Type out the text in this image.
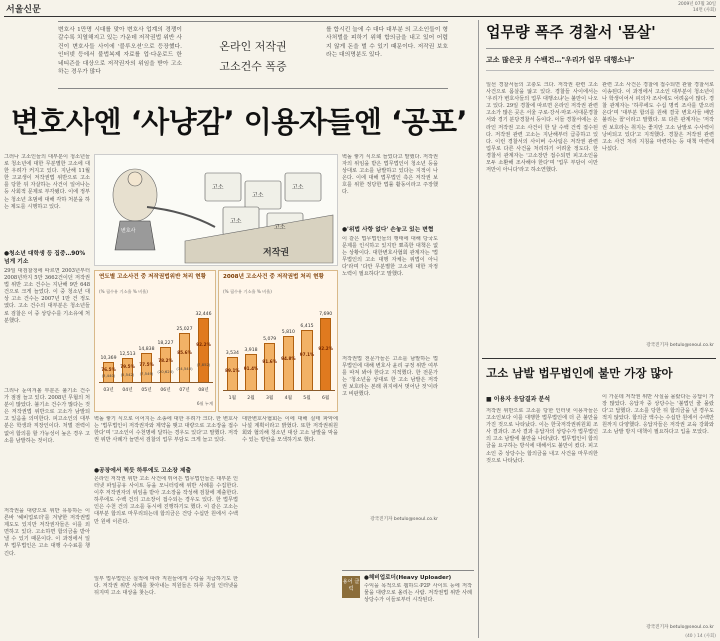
서울신문
2009년 07월 30일
14면 (사회)
변호사 1만명 시대를 맞아 변호사 업계의 경쟁이 갈수록 치열해지고 있는 가운데 저작권법 위반 사건이 변호사들 사이에 '블루오션'으로 등장했다. 인터넷 등에서 불법복제 자료를 업·다운로드 한 네티즌을 대상으로 저작권자의 위임을 받아 고소하는 경우가 많다
온라인 저작권
고소건수 폭증
를 합시킨 늘에 수 대다 대부분 의 고소인들이 형사처벌을 피하기 위해 합의금을 내고 있어 어렵지 않게 돈을 벌 수 있기 때문이다. 저작권 보호라는 대의명분도 있다.
변호사엔 ‘사냥감’ 이용자들엔 ‘공포’
그러나 고소인들의 대부분이 청소년들로 청소년에 대한 무분별한 고소에 대한 우려가 커지고 있다. 지난해 11월 한 고교생이 저작권법 위반으로 고소를 당한 뒤 자살하는 사건이 일어나는 등 사회적 문제로 부각됐다. 이에 정부는 청소년 초범에 대해 각하 처분을 하는 제도를 시행하고 있다.
●청소년 대학생 등 집중…90%넘게 기소
29일 대검찰청에 따르면 2003년부터 2008년까지 5만 3662건이던 저작권법 위반 고소 건수는 지난해 9만 648건으로 크게 늘었다. 이 중 청소년 대상 고소 건수는 2007년 1만 건 정도였다. 고소 건수의 대부분은 청소년들로 검찰은 이 중 상당수를 기소유예 처분했다.
그리나 눈여겨볼 부분은 불기소 건수가 점점 늘고 있다. 2008년 무혐의 처분이 많았다. 불기소 건수가 많다는 것은 저작권법 위반으로 고소가 남발되고 있음을 의미한다. 피고소인의 대부분은 학생과 직장인이다. 처벌 전력이 없어 합의를 할 가능성이 높은 경우 고소를 남발하는 것이다.
저작권을 대량으로 위반 유통하는 이른바 '헤비업로더'를 겨냥한 저작권법 제도도 있지만 저작권자들은 이를 외면하고 있다. 고소하면 합의금을 받아낼 수 있기 때문이다. 이 과정에서 일부 법무법인은 고소 대행 수수료를 챙긴다.
고소
고소
고소
고소
고소
저작권
변호사
연도별 고소사건 중 저작권법위반 처리 현황
(% 필수유 기소율 % 비율)
10,369
76.5%
(3,440)
03년
12,513
79.5%
(5,542)
04년
14,838
77.5%
(7,549)
05년
18,227
78.2%
(20,620)
06년
25,027
85.6%
(34,540)
07년
32,446
92.2%
(7,852)
08년
6월 누계
2008년 고소사건 중 저작권법 처리 현황
(% 필수유 기소율 % 비율)
3,534
89.1%
1월
3,918
91.4%
2월
5,079
91.6%
3월
5,810
94.8%
4월
6,415
97.1%
5월
7,690
92.2%
6월
벽돌 쌓기 식으로 이어지는 소송에 대한 우려가 크다. 한 변호사는 '법무법인이 저작권자와 계약을 맺고 대량으로 고소장을 접수한다'며 '고소인이 수천명에 달하는 경우도 있다'고 말했다. 저작권 위반 사례가 늘면서 검찰의 업무 부담도 크게 늘고 있다.
●공장에서 찍듯 하루에도 고소장 제출
온라인 저작권 위반 고소 사건에 뛰어든 법무법인들은 대부분 인터넷 파일공유 사이트 등을 모니터링해 위반 사례를 수집한다. 이후 저작권자의 위임을 받아 고소장을 작성해 검찰에 제출한다. 하루에도 수백 건의 고소장이 접수되는 경우도 있다. 한 법무법인은 수천 건의 고소를 동시에 진행하기도 했다. 이 같은 고소는 대부분 합의로 마무리되는데 합의금은 건당 수십만 원에서 수백만 원에 이른다.
일부 법무법인은 실적에 따라 직원들에게 수당을 지급하기도 한다. 저작권 위반 사례를 찾아내는 직원들은 하루 종일 인터넷을 뒤지며 고소 대상을 찾는다.
대한변호사협회는 이에 대해 실태 파악에 나설 계획이라고 밝혔다. 또한 저작권위원회와 협의해 청소년 대상 고소 남발을 막을 수 있는 방안을 모색하기로 했다.
벽돌 쌓기 식으로 늘었다고 말했다. 저작권자의 위임을 받은 법무법인이 청소년 등을 상대로 고소를 남발하고 있다는 지적이 나온다. 이에 대해 법무법인 측은 저작권 보호를 위한 정당한 법률 활동이라고 주장했다.
●'위법 사항 없다' 손놓고 있는 변협
이 같은 법무법인들의 행태에 대해 당국도 문제를 인식하고 있지만 뾰족한 대책은 없는 상황이다. 대한변호사협회 관계자는 '법무법인의 고소 대행 자체는 위법이 아니다'라며 '다만 무분별한 고소에 대한 자정 노력이 필요하다'고 말했다.
저작권법 전문가들은 고소를 남발하는 법무법인에 대해 변호사 윤리 규정 위반 여부를 따져 봐야 한다고 지적했다. 한 전문가는 '청소년을 상대로 한 고소 남발은 저작권 보호라는 본래 취지에서 벗어난 것'이라고 비판했다.
강국진기자 betulo@seoul.co.kr
용어 클릭
●헤비업로더(Heavy Uploader)
수익을 목적으로 웹하드·P2P 사이트 등에 저작물을 대량으로 올리는 사람. 저작권법 위반 사례 상당수가 이들로부터 시작된다.
업무량 폭주 경찰서 '몸살'
고소 많은곳 月 수백건…"우리가 업무 대행소냐"
일선 경찰서들의 고충도 크다. 저작권 관련 고소 사건으로 몸살을 앓고 있다. 경찰들 사이에서는 '우리가 변호사들의 업무 대행소냐'는 불만이 나오고 있다. 29일 경찰에 따르면 온라인 저작권 관련 고소가 많은 곳은 서울 구로·강서·마포·서대문경찰서와 경기 분당경찰서 등이다. 이들 경찰서에는 온라인 저작권 고소 사건이 한 달 수백 건씩 접수된다. 저작권 관련 고소는 지난해부터 급증하고 있다. 이런 경찰서의 사이버 수사팀은 저작권 관련 업무로 다른 사건을 처리하기 어려울 정도다. 한 경찰서 관계자는 '고소장만 접수되면 피고소인을 모두 소환해 조사해야 한다'며 '업무 부담이 이만저만이 아니다'라고 하소연했다.
관련 고소 사건은 경찰에 접수되면 관할 경찰서로 이송된다. 이 과정에서 고소인 대부분이 청소년이나 학생이어서 피의자 조사에도 어려움이 많다. 경찰 관계자는 '하루에도 수십 명씩 조사를 받으러 온다'며 '대부분 합의를 원해 결국 변호사들 배만 불리는 꼴'이라고 말했다. 또 다른 관계자는 '저작권 보호라는 취지는 좋지만 고소 남발로 수사력이 낭비되고 있다'고 지적했다. 경찰은 저작권 관련 고소 사건 처리 지침을 마련하는 등 대책 마련에 나섰다.
강국진기자 betulo@seoul.co.kr
고소 남발 법무법인에 불만 가장 많아
■ 이용자 응답결과 분석
저작권 위반으로 고소를 당한 인터넷 이용자들은 고소인보다 이를 대행한 법무법인에 더 큰 불만을 가진 것으로 나타났다. 이는 한국저작권위원회 조사 결과다. 조사 결과 응답자의 상당수가 법무법인의 고소 남발에 불만을 나타냈다. 법무법인이 합의금을 요구하는 방식에 대해서도 불만이 컸다. 피고소인 중 상당수는 합의금을 내고 사건을 마무리한 것으로 나타났다.
이 가운데 저작권 위반 사실을 몰랐다는 응답이 가장 많았다. 응답자 중 상당수는 '불법인 줄 몰랐다'고 답했다. 고소를 당한 뒤 합의금을 낸 경우도 적지 않았다. 합의금 액수는 수십만 원에서 수백만 원까지 다양했다. 응답자들은 저작권 교육 강화와 고소 남발 방지 대책이 필요하다고 입을 모았다.
강국진기자 betulo@seoul.co.kr
(40 ) 14 (사회)
